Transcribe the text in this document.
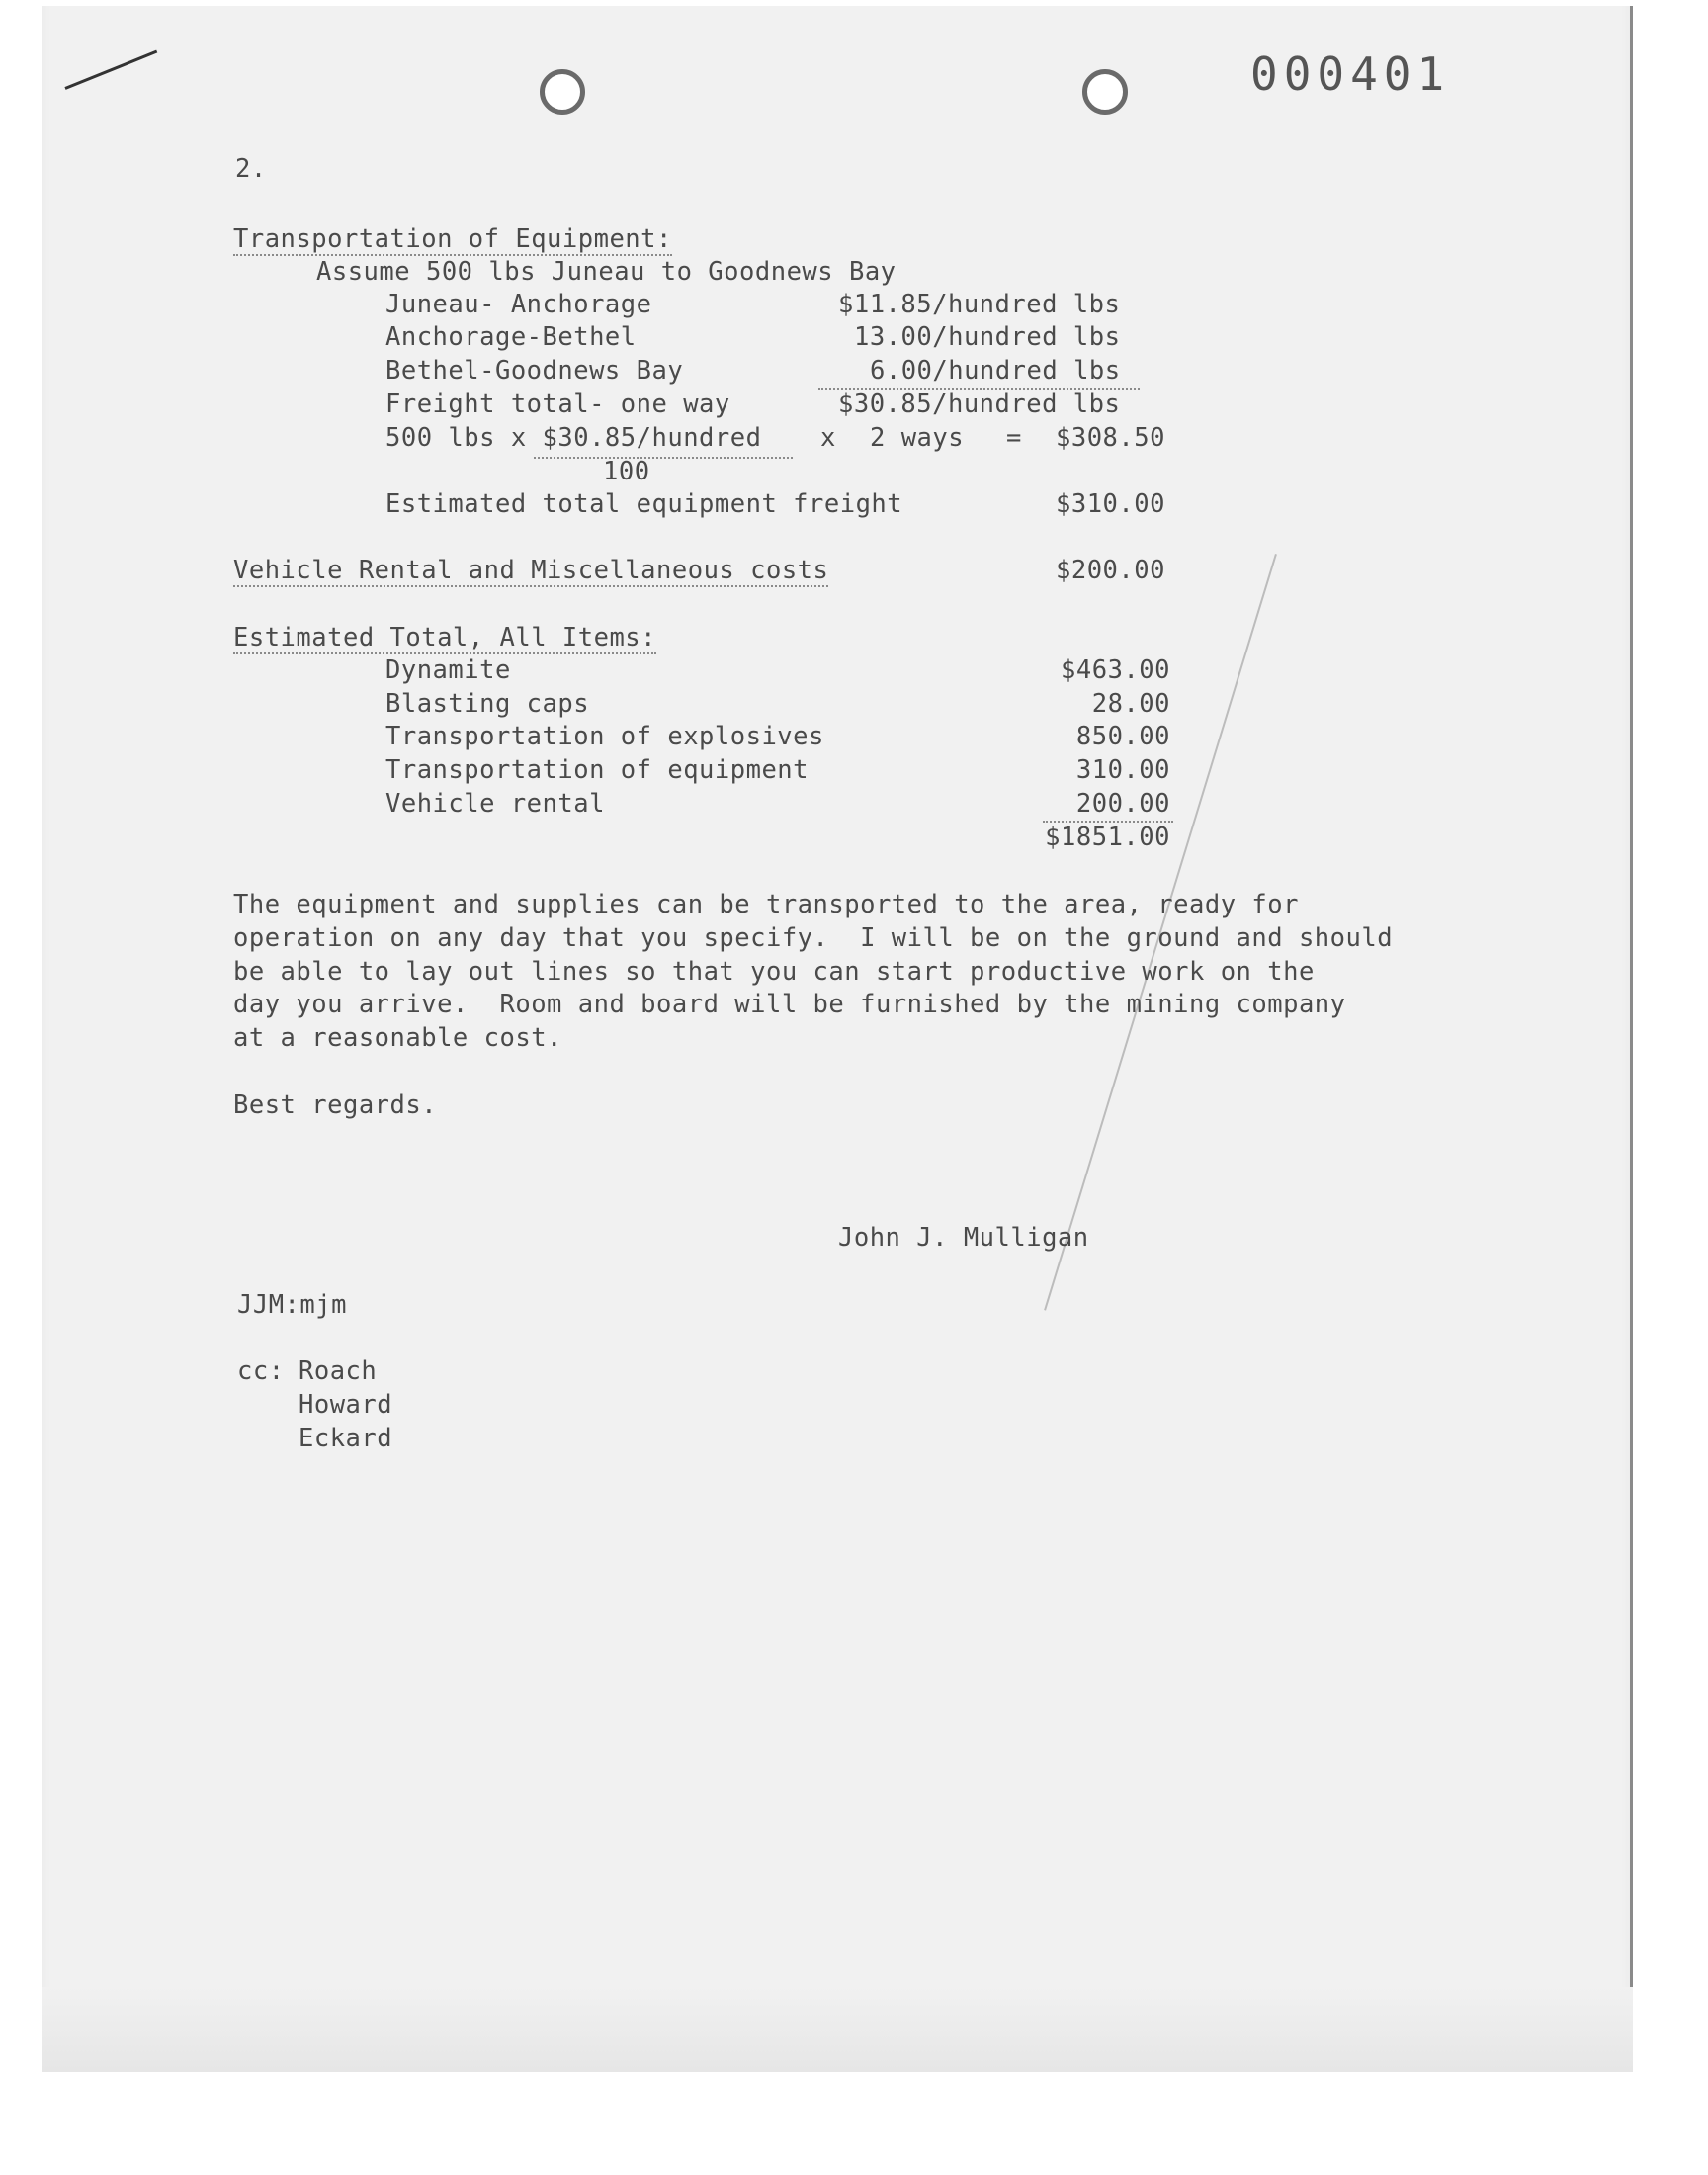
000401
2.
Transportation of Equipment:
Assume 500 lbs Juneau to Goodnews Bay
Juneau- Anchorage	$11.85/hundred lbs
Anchorage-Bethel	13.00/hundred lbs
Bethel-Goodnews Bay	6.00/hundred lbs
Freight total- one way	$30.85/hundred lbs
500 lbs x $30.85/hundred x 2 ways = $308.50
100
Estimated total equipment freight	$310.00
Vehicle Rental and Miscellaneous costs	$200.00
Estimated Total, All Items:
Dynamite	$463.00
Blasting caps	28.00
Transportation of explosives	850.00
Transportation of equipment	310.00
Vehicle rental	200.00
$1851.00
The equipment and supplies can be transported to the area, ready for
operation on any day that you specify.  I will be on the ground and should
be able to lay out lines so that you can start productive work on the
day you arrive.  Room and board will be furnished by the mining company
at a reasonable cost.
Best regards.
John J. Mulligan
JJM:mjm
cc: Roach
Howard
Eckard
